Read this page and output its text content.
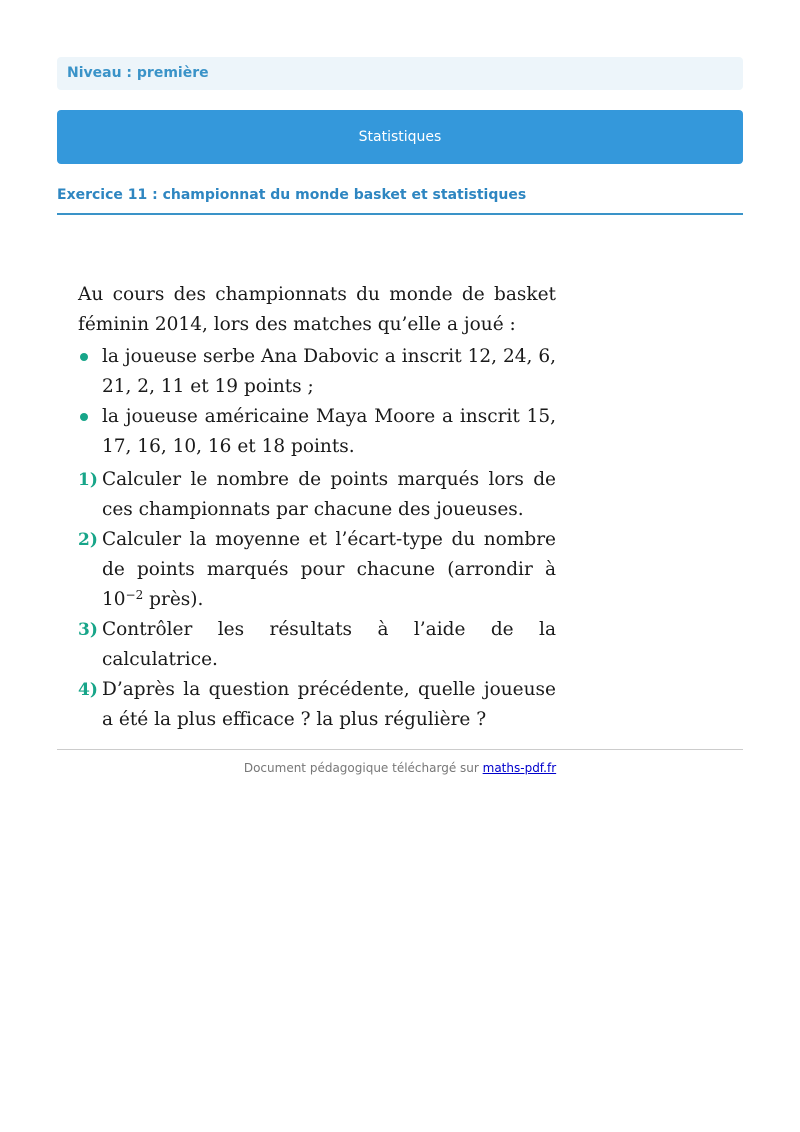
Niveau : première
Statistiques
Exercice 11 : championnat du monde basket et statistiques

Au cours des championnats du monde de basket féminin 2014, lors des matches qu’elle a joué :

la joueuse serbe Ana Dabovic a inscrit 12, 24, 6, 21, 2, 11 et 19 points ;
la joueuse américaine Maya Moore a inscrit 15, 17, 16, 10, 16 et 18 points.
1) Calculer le nombre de points marqués lors de ces championnats par chacune des joueuses.
2) Calculer la moyenne et l’écart-type du nombre de points marqués pour chacune (arrondir à $10^{-2}$ près).
3) Contrôler les résultats à l’aide de la calculatrice.
4) D’après la question précédente, quelle joueuse a été la plus efficace ? la plus régulière ?
Document pédagogique téléchargé sur maths-pdf.fr
